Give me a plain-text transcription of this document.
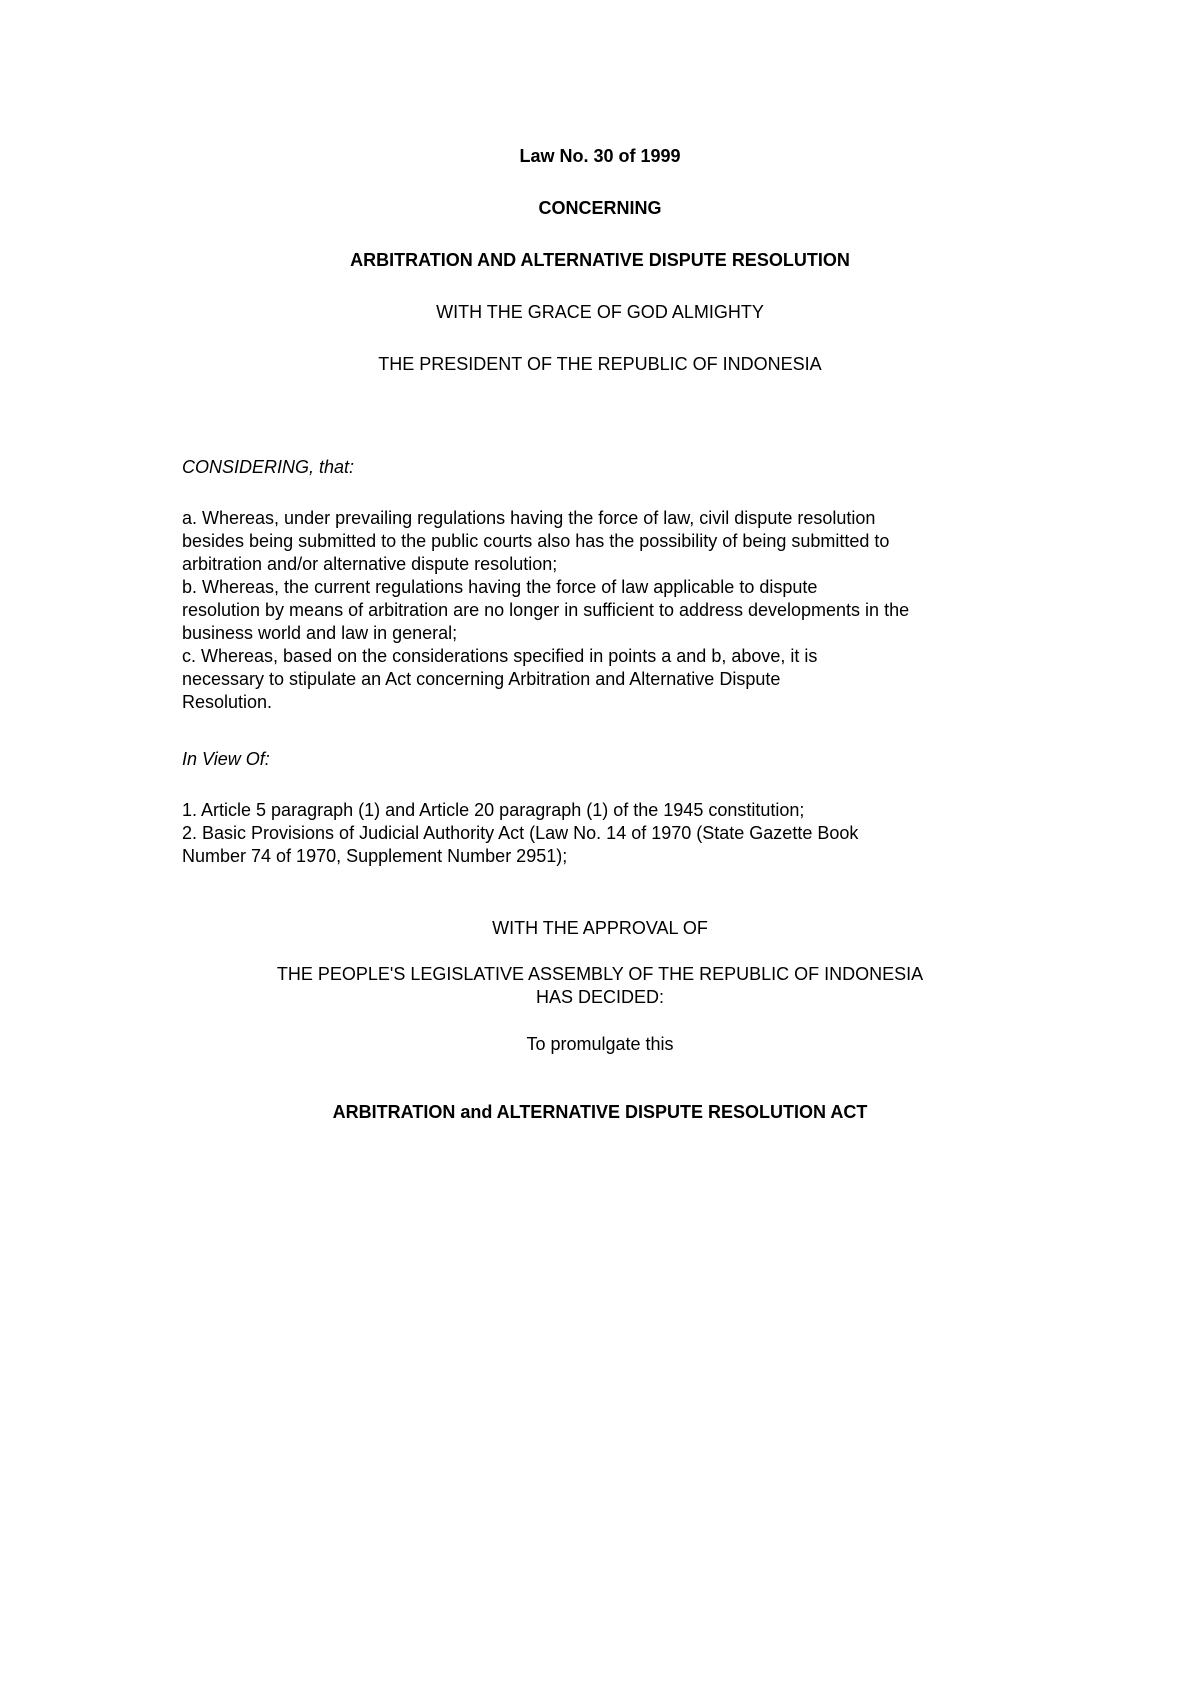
Law No. 30 of 1999
CONCERNING
ARBITRATION AND ALTERNATIVE DISPUTE RESOLUTION
WITH THE GRACE OF GOD ALMIGHTY
THE PRESIDENT OF THE REPUBLIC OF INDONESIA
CONSIDERING, that:
a. Whereas, under prevailing regulations having the force of law, civil dispute resolution
besides being submitted to the public courts also has the possibility of being submitted to
arbitration and/or alternative dispute resolution;
b. Whereas, the current regulations having the force of law applicable to dispute
resolution by means of arbitration are no longer in sufficient to address developments in the
business world and law in general;
c. Whereas, based on the considerations specified in points a and b, above, it is
necessary to stipulate an Act concerning Arbitration and Alternative Dispute
Resolution.
In View Of:
1. Article 5 paragraph (1) and Article 20 paragraph (1) of the 1945 constitution;
2. Basic Provisions of Judicial Authority Act (Law No. 14 of 1970 (State Gazette Book
Number 74 of 1970, Supplement Number 2951);
WITH THE APPROVAL OF
THE PEOPLE'S LEGISLATIVE ASSEMBLY OF THE REPUBLIC OF INDONESIA
HAS DECIDED:
To promulgate this
ARBITRATION and ALTERNATIVE DISPUTE RESOLUTION ACT
